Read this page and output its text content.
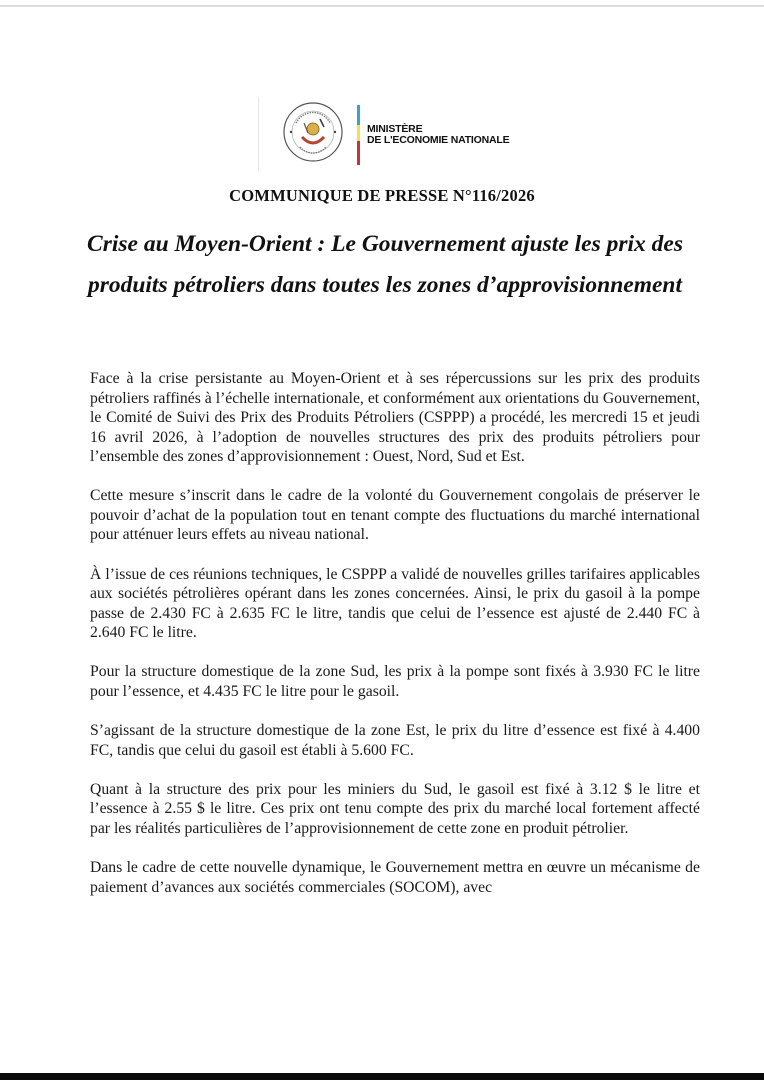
MINISTÈRE
DE L'ECONOMIE NATIONALE
COMMUNIQUE DE PRESSE N°116/2026
Crise au Moyen-Orient : Le Gouvernement ajuste les prix des produits pétroliers dans toutes les zones d’approvisionnement

Face à la crise persistante au Moyen-Orient et à ses répercussions sur les prix des produits pétroliers raffinés à l’échelle internationale, et conformément aux orientations du Gouvernement, le Comité de Suivi des Prix des Produits Pétroliers (CSPPP) a procédé, les mercredi 15 et jeudi 16 avril 2026, à l’adoption de nouvelles structures des prix des produits pétroliers pour l’ensemble des zones d’approvisionnement : Ouest, Nord, Sud et Est.

Cette mesure s’inscrit dans le cadre de la volonté du Gouvernement congolais de préserver le pouvoir d’achat de la population tout en tenant compte des fluctuations du marché international pour atténuer leurs effets au niveau national.

À l’issue de ces réunions techniques, le CSPPP a validé de nouvelles grilles tarifaires applicables aux sociétés pétrolières opérant dans les zones concernées. Ainsi, le prix du gasoil à la pompe passe de 2.430 FC à 2.635 FC le litre, tandis que celui de l’essence est ajusté de 2.440 FC à 2.640 FC le litre.

Pour la structure domestique de la zone Sud, les prix à la pompe sont fixés à 3.930 FC le litre pour l’essence, et 4.435 FC le litre pour le gasoil.

S’agissant de la structure domestique de la zone Est, le prix du litre d’essence est fixé à 4.400 FC, tandis que celui du gasoil est établi à 5.600 FC.

Quant à la structure des prix pour les miniers du Sud, le gasoil est fixé à 3.12 $ le litre et l’essence à 2.55 $ le litre. Ces prix ont tenu compte des prix du marché local fortement affecté par les réalités particulières de l’approvisionnement de cette zone en produit pétrolier.

Dans le cadre de cette nouvelle dynamique, le Gouvernement mettra en œuvre un mécanisme de paiement d’avances aux sociétés commerciales (SOCOM), avec
